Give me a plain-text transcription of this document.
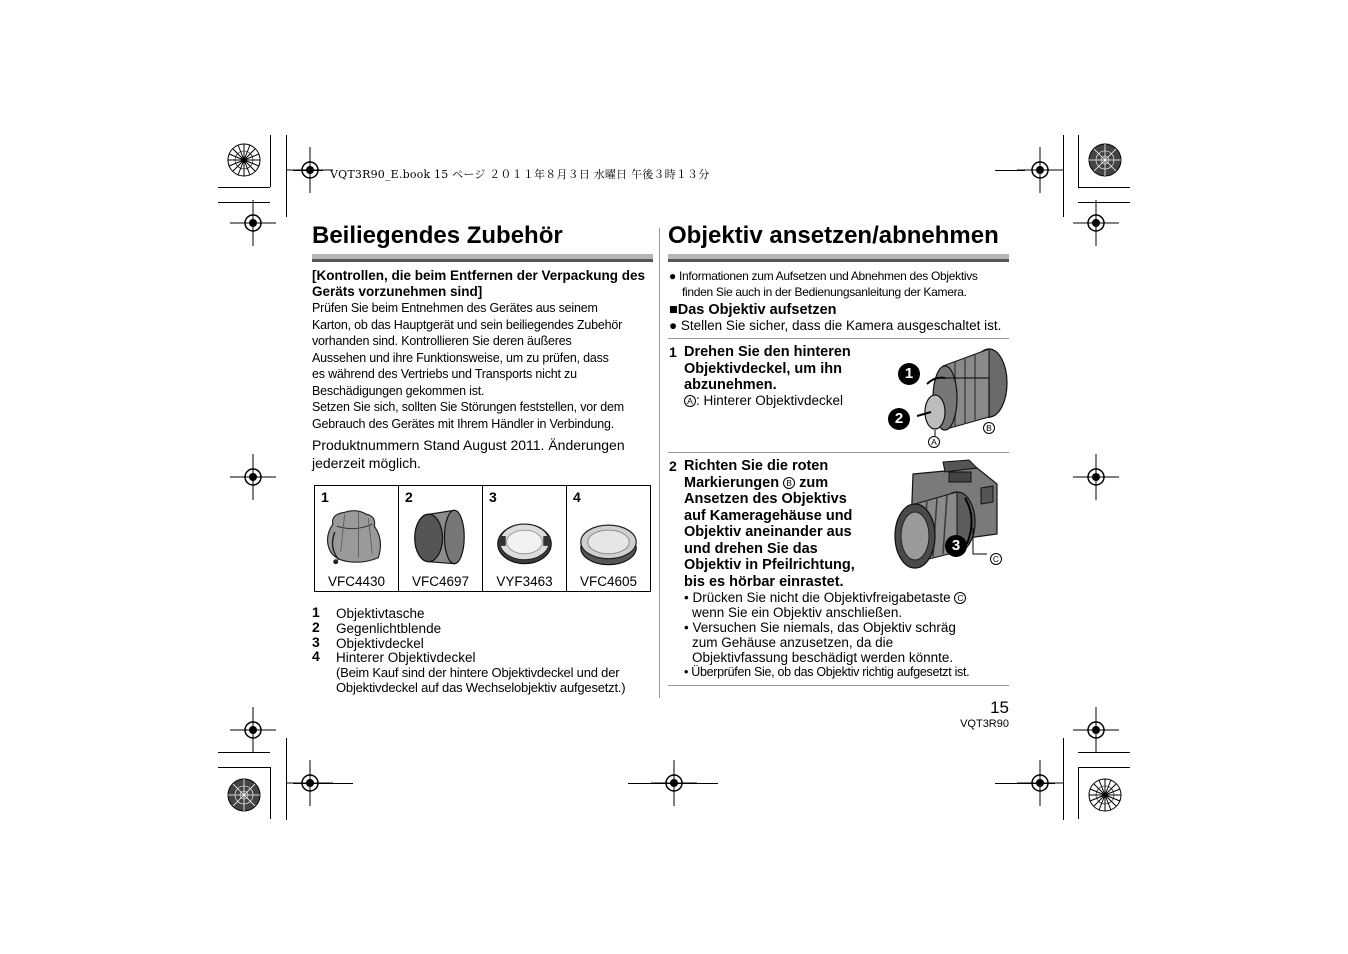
VQT3R90_E.book 15 ページ ２０１１年８月３日 水曜日 午後３時１３分
Beiliegendes Zubehör
[Kontrollen, die beim Entfernen der Verpackung des Geräts vorzunehmen sind]
Prüfen Sie beim Entnehmen des Gerätes aus seinem
Karton, ob das Hauptgerät und sein beiliegendes Zubehör
vorhanden sind. Kontrollieren Sie deren äußeres
Aussehen und ihre Funktionsweise, um zu prüfen, dass
es während des Vertriebs und Transports nicht zu
Beschädigungen gekommen ist.
Setzen Sie sich, sollten Sie Störungen feststellen, vor dem
Gebrauch des Gerätes mit Ihrem Händler in Verbindung.
Produktnummern Stand August 2011. Änderungen
jederzeit möglich.
1
VFC4430
2
VFC4697
3
VYF3463
4
VFC4605
1 Objektivtasche
2 Gegenlichtblende
3 Objektivdeckel
4 Hinterer Objektivdeckel
(Beim Kauf sind der hintere Objektivdeckel und der
Objektivdeckel auf das Wechselobjektiv aufgesetzt.)
Objektiv ansetzen/abnehmen
● Informationen zum Aufsetzen und Abnehmen des Objektivs
finden Sie auch in der Bedienungsanleitung der Kamera.
■Das Objektiv aufsetzen
● Stellen Sie sicher, dass die Kamera ausgeschaltet ist.
1 Drehen Sie den hinteren
Objektivdeckel, um ihn
abzunehmen.
A : Hinterer Objektivdeckel
1
2
A
B
2 Richten Sie die roten
Markierungen B zum
Ansetzen des Objektivs
auf Kameragehäuse und
Objektiv aneinander aus
und drehen Sie das
Objektiv in Pfeilrichtung,
bis es hörbar einrastet.
3
C
• Drücken Sie nicht die Objektivfreigabetaste C
wenn Sie ein Objektiv anschließen.
• Versuchen Sie niemals, das Objektiv schräg
zum Gehäuse anzusetzen, da die
Objektivfassung beschädigt werden könnte.
• Überprüfen Sie, ob das Objektiv richtig aufgesetzt ist.
15
VQT3R90
